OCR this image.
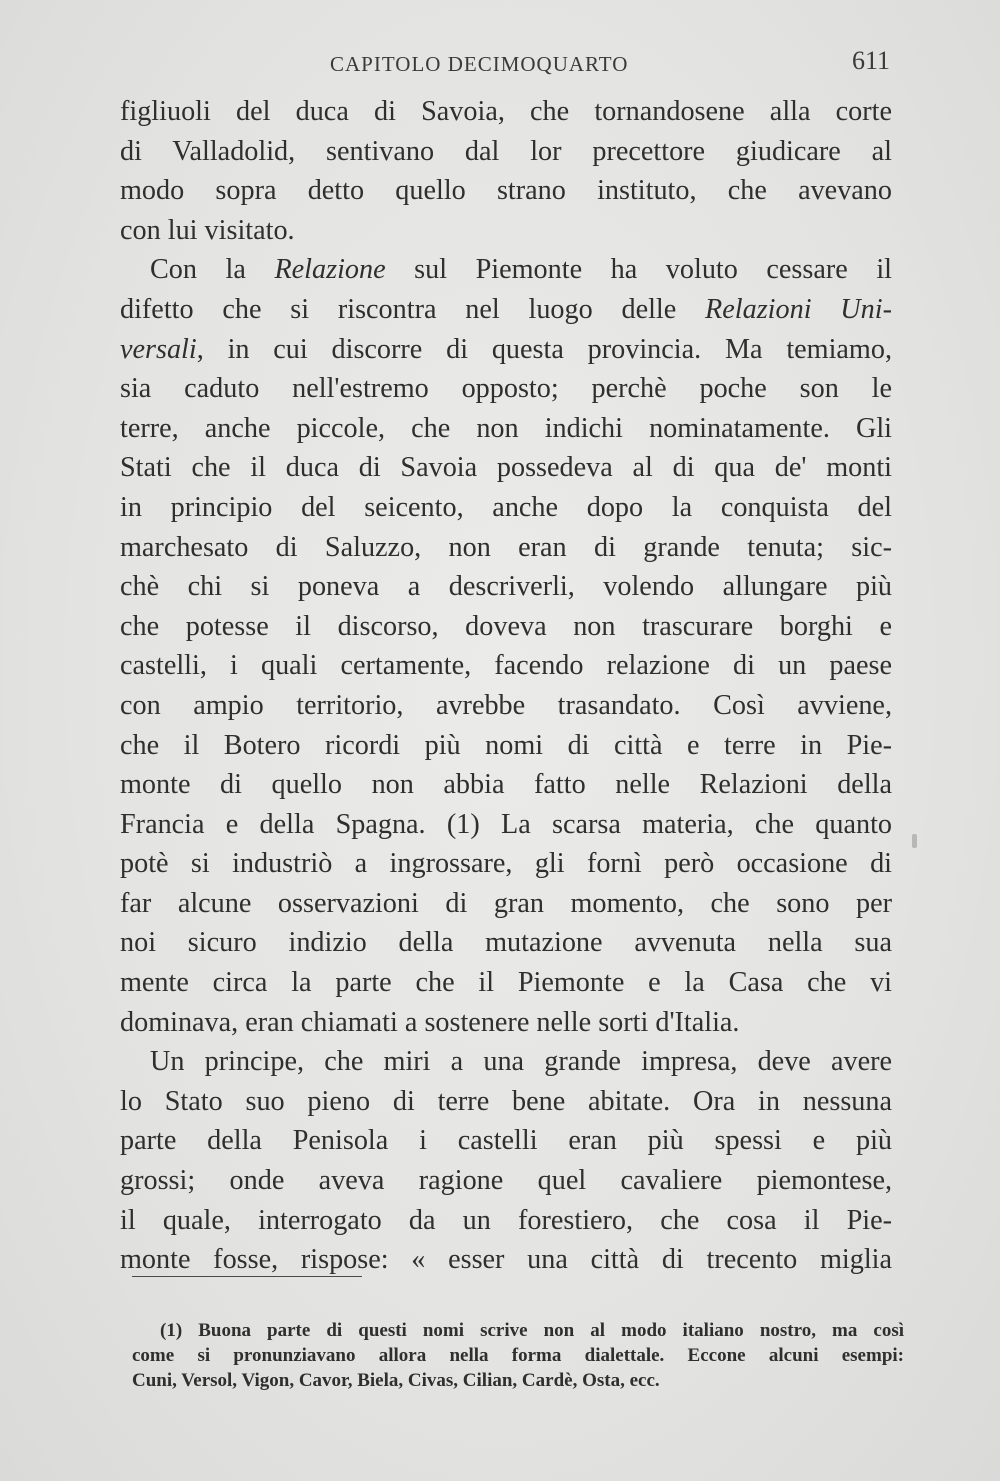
CAPITOLO DECIMOQUARTO	611
figliuoli del duca di Savoia, che tornandosene alla corte
di Valladolid, sentivano dal lor precettore giudicare al
modo sopra detto quello strano instituto, che avevano
con lui visitato.
Con la Relazione sul Piemonte ha voluto cessare il
difetto che si riscontra nel luogo delle Relazioni Uni-
versali, in cui discorre di questa provincia. Ma temiamo,
sia caduto nell'estremo opposto; perchè poche son le
terre, anche piccole, che non indichi nominatamente. Gli
Stati che il duca di Savoia possedeva al di qua de' monti
in principio del seicento, anche dopo la conquista del
marchesato di Saluzzo, non eran di grande tenuta; sic-
chè chi si poneva a descriverli, volendo allungare più
che potesse il discorso, doveva non trascurare borghi e
castelli, i quali certamente, facendo relazione di un paese
con ampio territorio, avrebbe trasandato. Così avviene,
che il Botero ricordi più nomi di città e terre in Pie-
monte di quello non abbia fatto nelle Relazioni della
Francia e della Spagna. (1) La scarsa materia, che quanto
potè si industriò a ingrossare, gli fornì però occasione di
far alcune osservazioni di gran momento, che sono per
noi sicuro indizio della mutazione avvenuta nella sua
mente circa la parte che il Piemonte e la Casa che vi
dominava, eran chiamati a sostenere nelle sorti d'Italia.
Un principe, che miri a una grande impresa, deve avere
lo Stato suo pieno di terre bene abitate. Ora in nessuna
parte della Penisola i castelli eran più spessi e più
grossi; onde aveva ragione quel cavaliere piemontese,
il quale, interrogato da un forestiero, che cosa il Pie-
monte fosse, rispose: « esser una città di trecento miglia
(1) Buona parte di questi nomi scrive non al modo italiano nostro, ma così
come si pronunziavano allora nella forma dialettale. Eccone alcuni esempi:
Cuni, Versol, Vigon, Cavor, Biela, Civas, Cilian, Cardè, Osta, ecc.
